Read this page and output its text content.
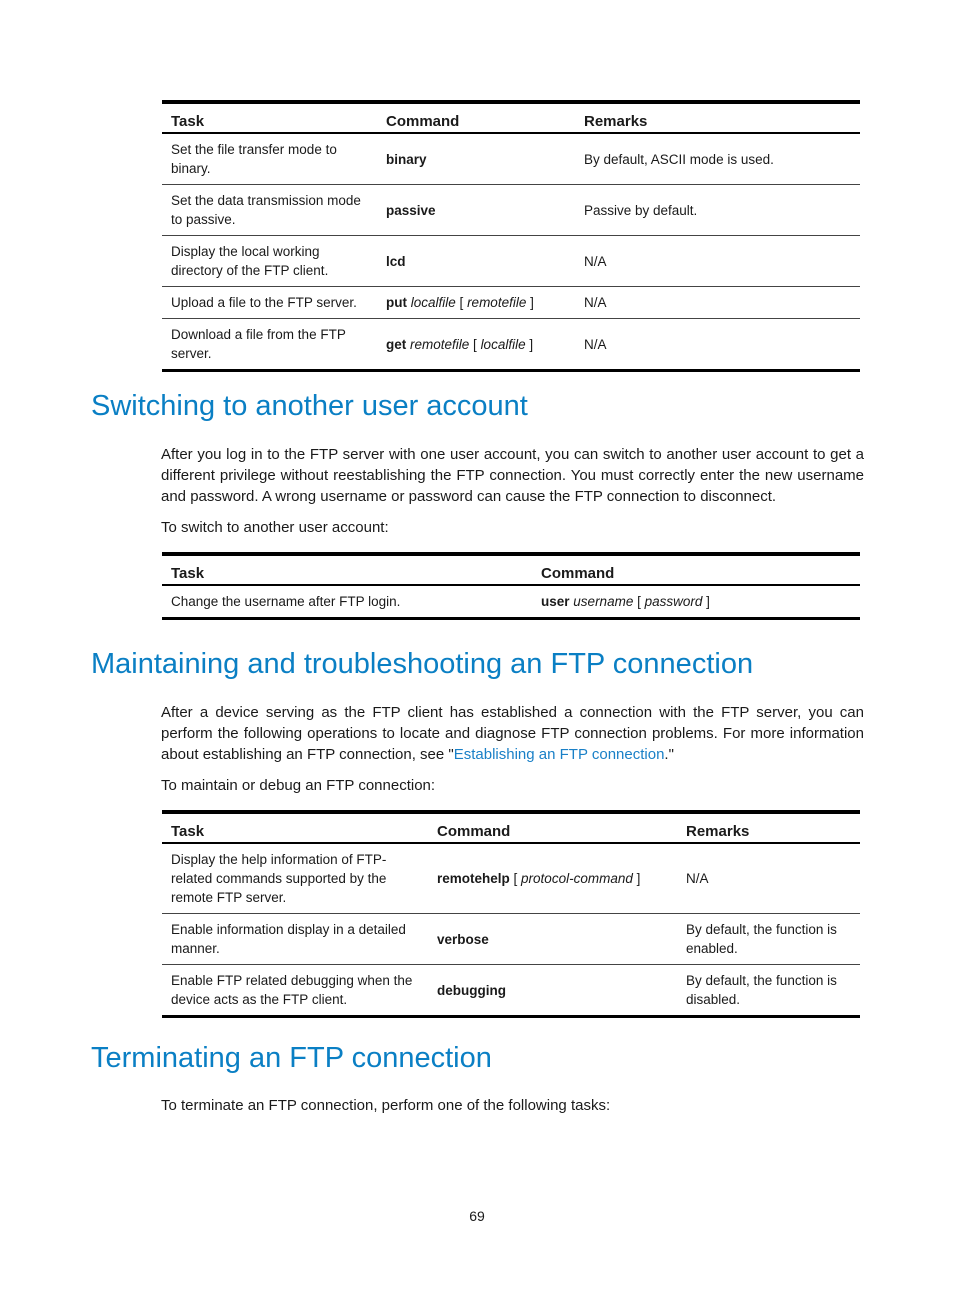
Task	Command	Remarks
Set the file transfer mode to binary.	binary	By default, ASCII mode is used.
Set the data transmission mode to passive.	passive	Passive by default.
Display the local working directory of the FTP client.	lcd	N/A
Upload a file to the FTP server.	put localfile [ remotefile ]	N/A
Download a file from the FTP server.	get remotefile [ localfile ]	N/A
Switching to another user account

After you log in to the FTP server with one user account, you can switch to another user account to get a different privilege without reestablishing the FTP connection. You must correctly enter the new username and password. A wrong username or password can cause the FTP connection to disconnect.

To switch to another user account:

Task	Command
Change the username after FTP login.	user username [ password ]
Maintaining and troubleshooting an FTP connection

After a device serving as the FTP client has established a connection with the FTP server, you can perform the following operations to locate and diagnose FTP connection problems. For more information about establishing an FTP connection, see "Establishing an FTP connection."

To maintain or debug an FTP connection:

Task	Command	Remarks
Display the help information of FTP-related commands supported by the remote FTP server.	remotehelp [ protocol-command ]	N/A
Enable information display in a detailed manner.	verbose	By default, the function is enabled.
Enable FTP related debugging when the device acts as the FTP client.	debugging	By default, the function is disabled.
Terminating an FTP connection

To terminate an FTP connection, perform one of the following tasks:

69
